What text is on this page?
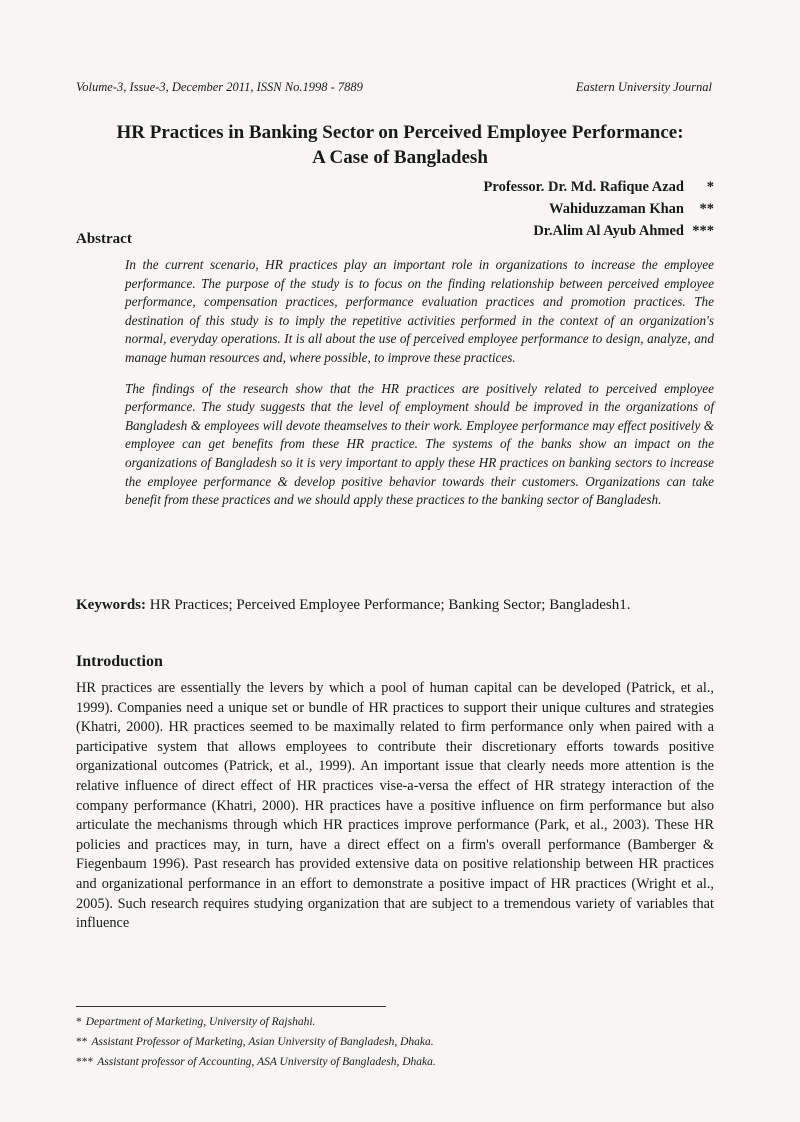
Volume-3, Issue-3, December 2011, ISSN No.1998 - 7889	Eastern University Journal
HR Practices in Banking Sector on Perceived Employee Performance:
A Case of Bangladesh
Professor. Dr. Md. Rafique Azad *
Wahiduzzaman Khan **
Dr.Alim Al Ayub Ahmed ***
Abstract

In the current scenario, HR practices play an important role in organizations to increase the employee performance. The purpose of the study is to focus on the finding relationship between perceived employee performance, compensation practices, performance evaluation practices and promotion practices. The destination of this study is to imply the repetitive activities performed in the context of an organization's normal, everyday operations. It is all about the use of perceived employee performance to design, analyze, and manage human resources and, where possible, to improve these practices.

The findings of the research show that the HR practices are positively related to perceived employee performance. The study suggests that the level of employment should be improved in the organizations of Bangladesh & employees will devote theamselves to their work. Employee performance may effect positively & employee can get benefits from these HR practice. The systems of the banks show an impact on the organizations of Bangladesh so it is very important to apply these HR practices on banking sectors to increase the employee performance & develop positive behavior towards their customers. Organizations can take benefit from these practices and we should apply these practices to the banking sector of Bangladesh.

Keywords: HR Practices; Perceived Employee Performance; Banking Sector; Bangladesh1.
Introduction
HR practices are essentially the levers by which a pool of human capital can be developed (Patrick, et al., 1999). Companies need a unique set or bundle of HR practices to support their unique cultures and strategies (Khatri, 2000). HR practices seemed to be maximally related to firm performance only when paired with a participative system that allows employees to contribute their discretionary efforts towards positive organizational outcomes (Patrick, et al., 1999). An important issue that clearly needs more attention is the relative influence of direct effect of HR practices vise-a-versa the effect of HR strategy interaction of the company performance (Khatri, 2000). HR practices have a positive influence on firm performance but also articulate the mechanisms through which HR practices improve performance (Park, et al., 2003). These HR policies and practices may, in turn, have a direct effect on a firm's overall performance (Bamberger & Fiegenbaum 1996). Past research has provided extensive data on positive relationship between HR practices and organizational performance in an effort to demonstrate a positive impact of HR practices (Wright et al., 2005). Such research requires studying organization that are subject to a tremendous variety of variables that influence
* Department of Marketing, University of Rajshahi.
** Assistant Professor of Marketing, Asian University of Bangladesh, Dhaka.
*** Assistant professor of Accounting, ASA University of Bangladesh, Dhaka.
